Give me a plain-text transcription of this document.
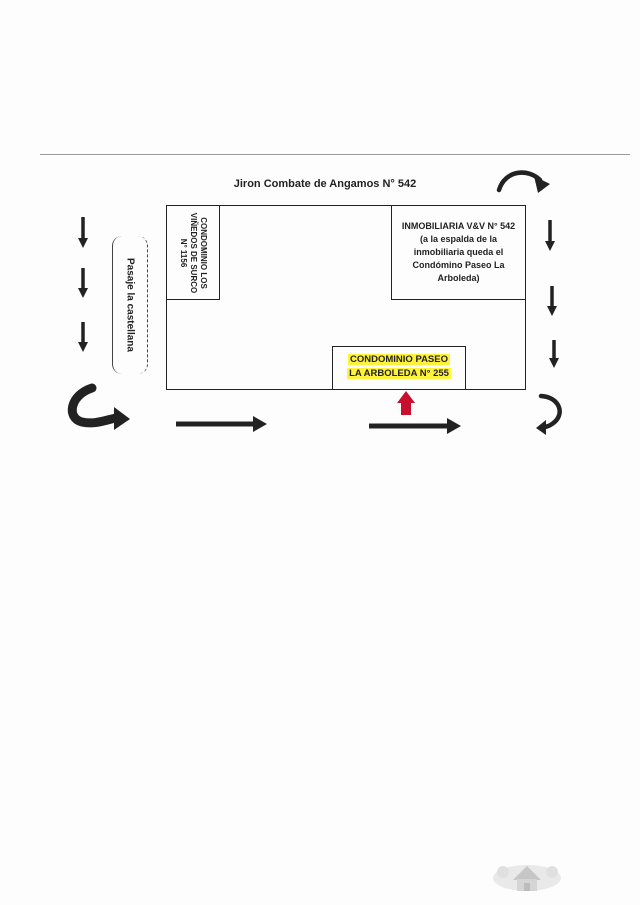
Jiron Combate de Angamos N° 542
CONDOMINIO LOS
VIÑEDOS DE SURCO
N° 1156
INMOBILIARIA V&V N° 542
(a la espalda de la
inmobiliaria queda el
Condómino Paseo La
Arboleda)
CONDOMINIO PASEO
LA ARBOLEDA N° 255
Pasaje la castellana
